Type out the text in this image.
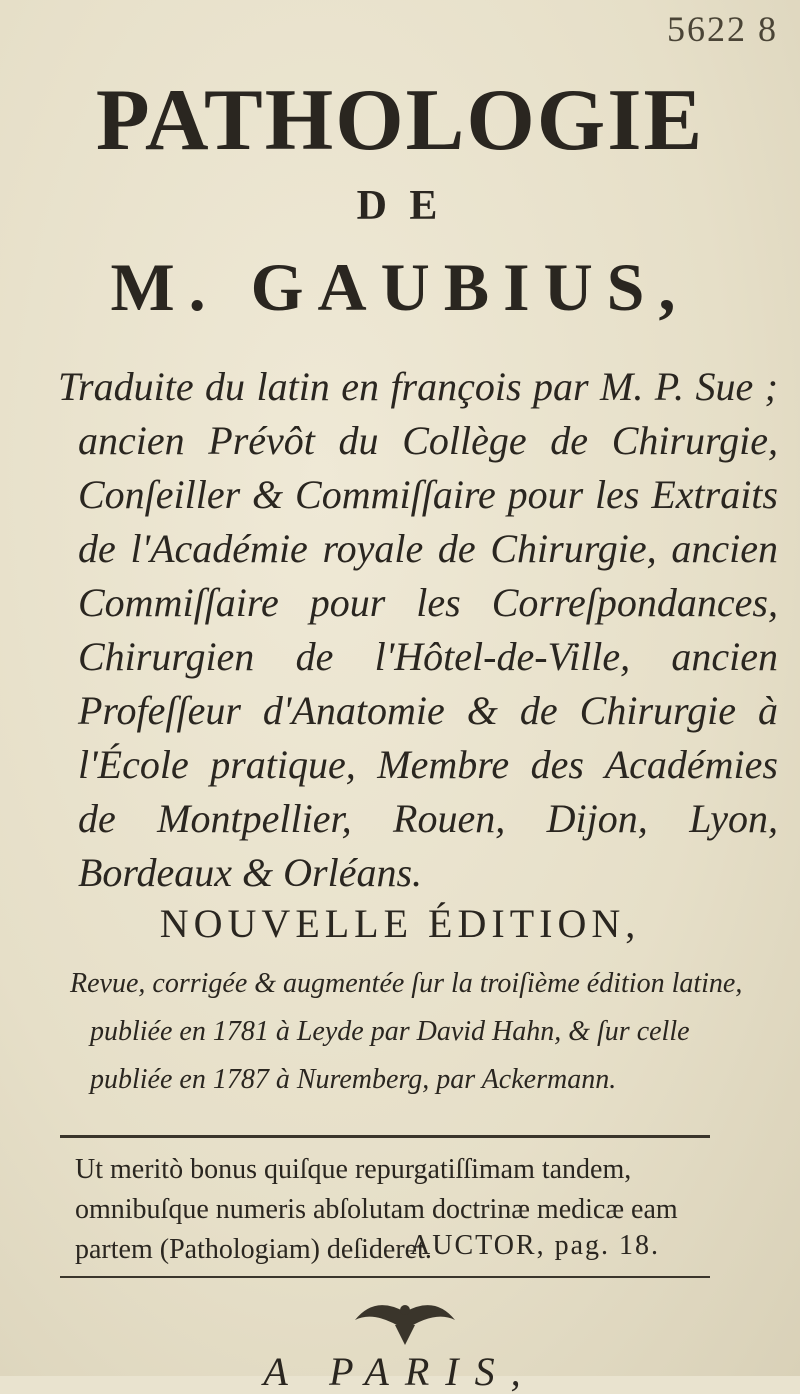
5622 8
PATHOLOGIE
D E
M. GAUBIUS,
Traduite du latin en françois par M. P. Sue ; ancien Prévôt du Collège de Chirurgie, Conſeiller & Commiſſaire pour les Extraits de l'Académie royale de Chirurgie, ancien Commiſſaire pour les Correſpondances, Chirurgien de l'Hôtel-de-Ville, ancien Profeſſeur d'Anatomie & de Chirurgie à l'École pratique, Membre des Académies de Montpellier, Rouen, Dijon, Lyon, Bordeaux & Orléans.
NOUVELLE ÉDITION,
Revue, corrigée & augmentée ſur la troiſième édition latine, publiée en 1781 à Leyde par David Hahn, & ſur celle publiée en 1787 à Nuremberg, par Ackermann.
Ut meritò bonus quiſque repurgatiſſimam tandem, omnibuſque numeris abſolutam doctrinæ medicæ eam partem (Pathologiam) deſideret.
AUCTOR, pag. 18.
A PARIS,
